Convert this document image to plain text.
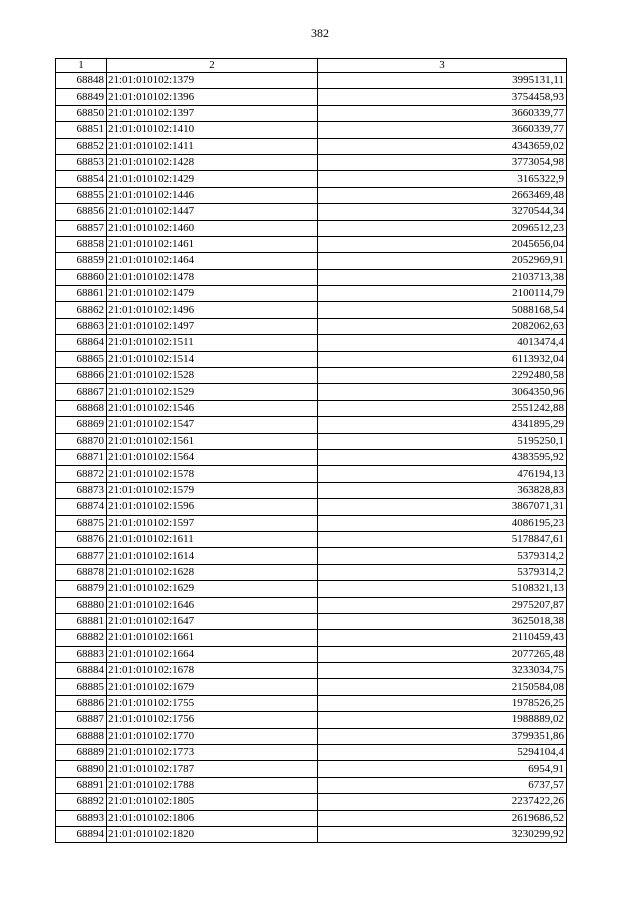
382
1	2	3
68848	21:01:010102:1379	3995131,11
68849	21:01:010102:1396	3754458,93
68850	21:01:010102:1397	3660339,77
68851	21:01:010102:1410	3660339,77
68852	21:01:010102:1411	4343659,02
68853	21:01:010102:1428	3773054,98
68854	21:01:010102:1429	3165322,9
68855	21:01:010102:1446	2663469,48
68856	21:01:010102:1447	3270544,34
68857	21:01:010102:1460	2096512,23
68858	21:01:010102:1461	2045656,04
68859	21:01:010102:1464	2052969,91
68860	21:01:010102:1478	2103713,38
68861	21:01:010102:1479	2100114,79
68862	21:01:010102:1496	5088168,54
68863	21:01:010102:1497	2082062,63
68864	21:01:010102:1511	4013474,4
68865	21:01:010102:1514	6113932,04
68866	21:01:010102:1528	2292480,58
68867	21:01:010102:1529	3064350,96
68868	21:01:010102:1546	2551242,88
68869	21:01:010102:1547	4341895,29
68870	21:01:010102:1561	5195250,1
68871	21:01:010102:1564	4383595,92
68872	21:01:010102:1578	476194,13
68873	21:01:010102:1579	363828,83
68874	21:01:010102:1596	3867071,31
68875	21:01:010102:1597	4086195,23
68876	21:01:010102:1611	5178847,61
68877	21:01:010102:1614	5379314,2
68878	21:01:010102:1628	5379314,2
68879	21:01:010102:1629	5108321,13
68880	21:01:010102:1646	2975207,87
68881	21:01:010102:1647	3625018,38
68882	21:01:010102:1661	2110459,43
68883	21:01:010102:1664	2077265,48
68884	21:01:010102:1678	3233034,75
68885	21:01:010102:1679	2150584,08
68886	21:01:010102:1755	1978526,25
68887	21:01:010102:1756	1988889,02
68888	21:01:010102:1770	3799351,86
68889	21:01:010102:1773	5294104,4
68890	21:01:010102:1787	6954,91
68891	21:01:010102:1788	6737,57
68892	21:01:010102:1805	2237422,26
68893	21:01:010102:1806	2619686,52
68894	21:01:010102:1820	3230299,92
